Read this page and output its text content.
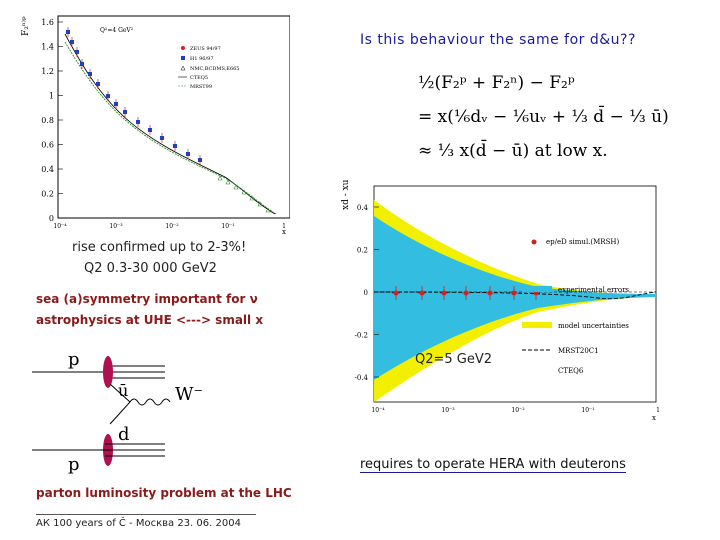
Is this behaviour the same for d&u??
F₂ⁿ⁾ᵖ	Q²=4 GeV²
1.6
1.4
1.2
1
0.8
0.6
0.4
0.2
0
10⁻⁴	10⁻³	10⁻²	10⁻¹	1
x
ZEUS 94/97
H1 96/97
NMC,BCDMS,E665
CTEQ5
MRST99
rise confirmed up to 2-3%!
Q2 0.3-30 000 GeV2
sea (a)symmetry important for ν
astrophysics at UHE <---> small x
½(F₂ᵖ + F₂ⁿ) − F₂ᵖ
= x(⅙dᵥ − ⅙uᵥ + ⅓ d̄ − ⅓ ū)
≈ ⅓ x(d̄ − ū) at low x.
xd - xu 0.4
0.2
0
-0.2
-0.4
10⁻⁴	10⁻³	10⁻²	10⁻¹	1
x
ep/eD simul.(MRSH)
experimental errors
model uncertainties
MRST20C1
CTEQ6
Q2=5 GeV2
p
ū	W⁻
d
p	requires to operate HERA with deuterons
parton luminosity problem at the LHC
АК 100 years of Č - Москва 23. 06. 2004
